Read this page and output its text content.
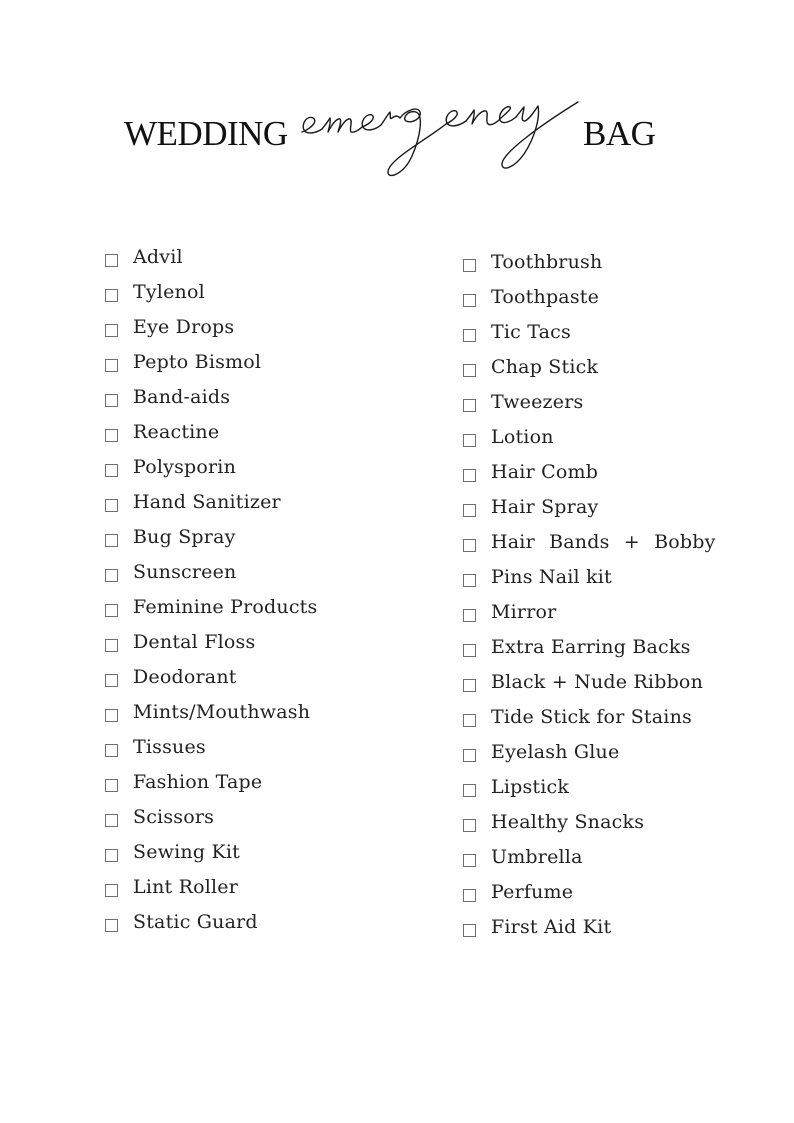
WEDDING	BAG
Advil
Tylenol
Eye Drops
Pepto Bismol
Band-aids
Reactine
Polysporin
Hand Sanitizer
Bug Spray
Sunscreen
Feminine Products
Dental Floss
Deodorant
Mints/Mouthwash
Tissues
Fashion Tape
Scissors
Sewing Kit
Lint Roller
Static Guard
Toothbrush
Toothpaste
Tic Tacs
Chap Stick
Tweezers
Lotion
Hair Comb
Hair Spray
Hair Bands + Bobby
Pins Nail kit
Mirror
Extra Earring Backs
Black + Nude Ribbon
Tide Stick for Stains
Eyelash Glue
Lipstick
Healthy Snacks
Umbrella
Perfume
First Aid Kit
